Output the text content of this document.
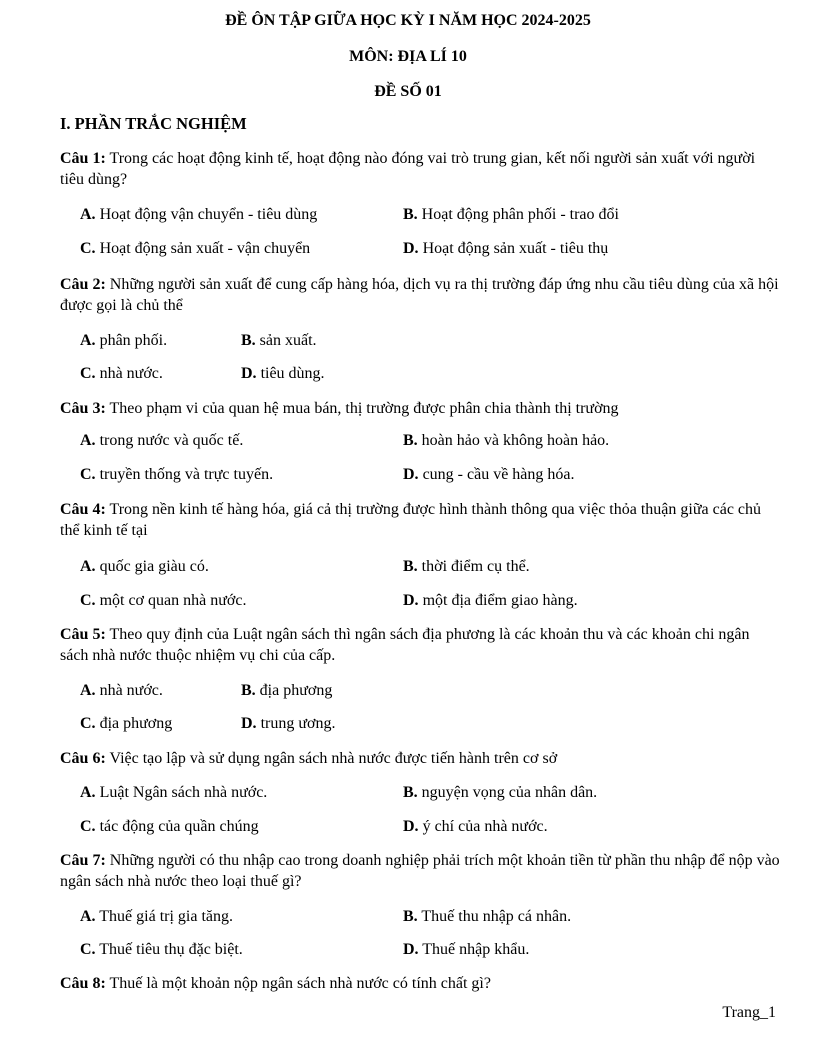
ĐỀ ÔN TẬP GIỮA HỌC KỲ I NĂM HỌC 2024-2025
MÔN: ĐỊA LÍ 10
ĐỀ SỐ 01
I. PHẦN TRẮC NGHIỆM
Câu 1: Trong các hoạt động kinh tế, hoạt động nào đóng vai trò trung gian, kết nối người sản xuất với người tiêu dùng?
A. Hoạt động vận chuyển - tiêu dùng	B. Hoạt động phân phối - trao đổi
C. Hoạt động sản xuất - vận chuyển	D. Hoạt động sản xuất - tiêu thụ
Câu 2: Những người sản xuất để cung cấp hàng hóa, dịch vụ ra thị trường đáp ứng nhu cầu tiêu dùng của xã hội được gọi là chủ thể
A. phân phối.	B. sản xuất.
C. nhà nước.	D. tiêu dùng.
Câu 3: Theo phạm vi của quan hệ mua bán, thị trường được phân chia thành thị trường
A. trong nước và quốc tế.	B. hoàn hảo và không hoàn hảo.
C. truyền thống và trực tuyến.	D. cung - cầu về hàng hóa.
Câu 4: Trong nền kinh tế hàng hóa, giá cả thị trường được hình thành thông qua việc thỏa thuận giữa các chủ thể kinh tế tại
A. quốc gia giàu có.	B. thời điểm cụ thể.
C. một cơ quan nhà nước.	D. một địa điểm giao hàng.
Câu 5: Theo quy định của Luật ngân sách thì ngân sách địa phương là các khoản thu và các khoản chi ngân sách nhà nước thuộc nhiệm vụ chi của cấp.
A. nhà nước.	B. địa phương
C. địa phương	D. trung ương.
Câu 6: Việc tạo lập và sử dụng ngân sách nhà nước được tiến hành trên cơ sở
A. Luật Ngân sách nhà nước.	B. nguyện vọng của nhân dân.
C. tác động của quần chúng	D. ý chí của nhà nước.
Câu 7: Những người có thu nhập cao trong doanh nghiệp phải trích một khoản tiền từ phần thu nhập để nộp vào ngân sách nhà nước theo loại thuế gì?
A. Thuế giá trị gia tăng.	B. Thuế thu nhập cá nhân.
C. Thuế tiêu thụ đặc biệt.	D. Thuế nhập khẩu.
Câu 8: Thuế là một khoản nộp ngân sách nhà nước có tính chất gì?
Trang_1
